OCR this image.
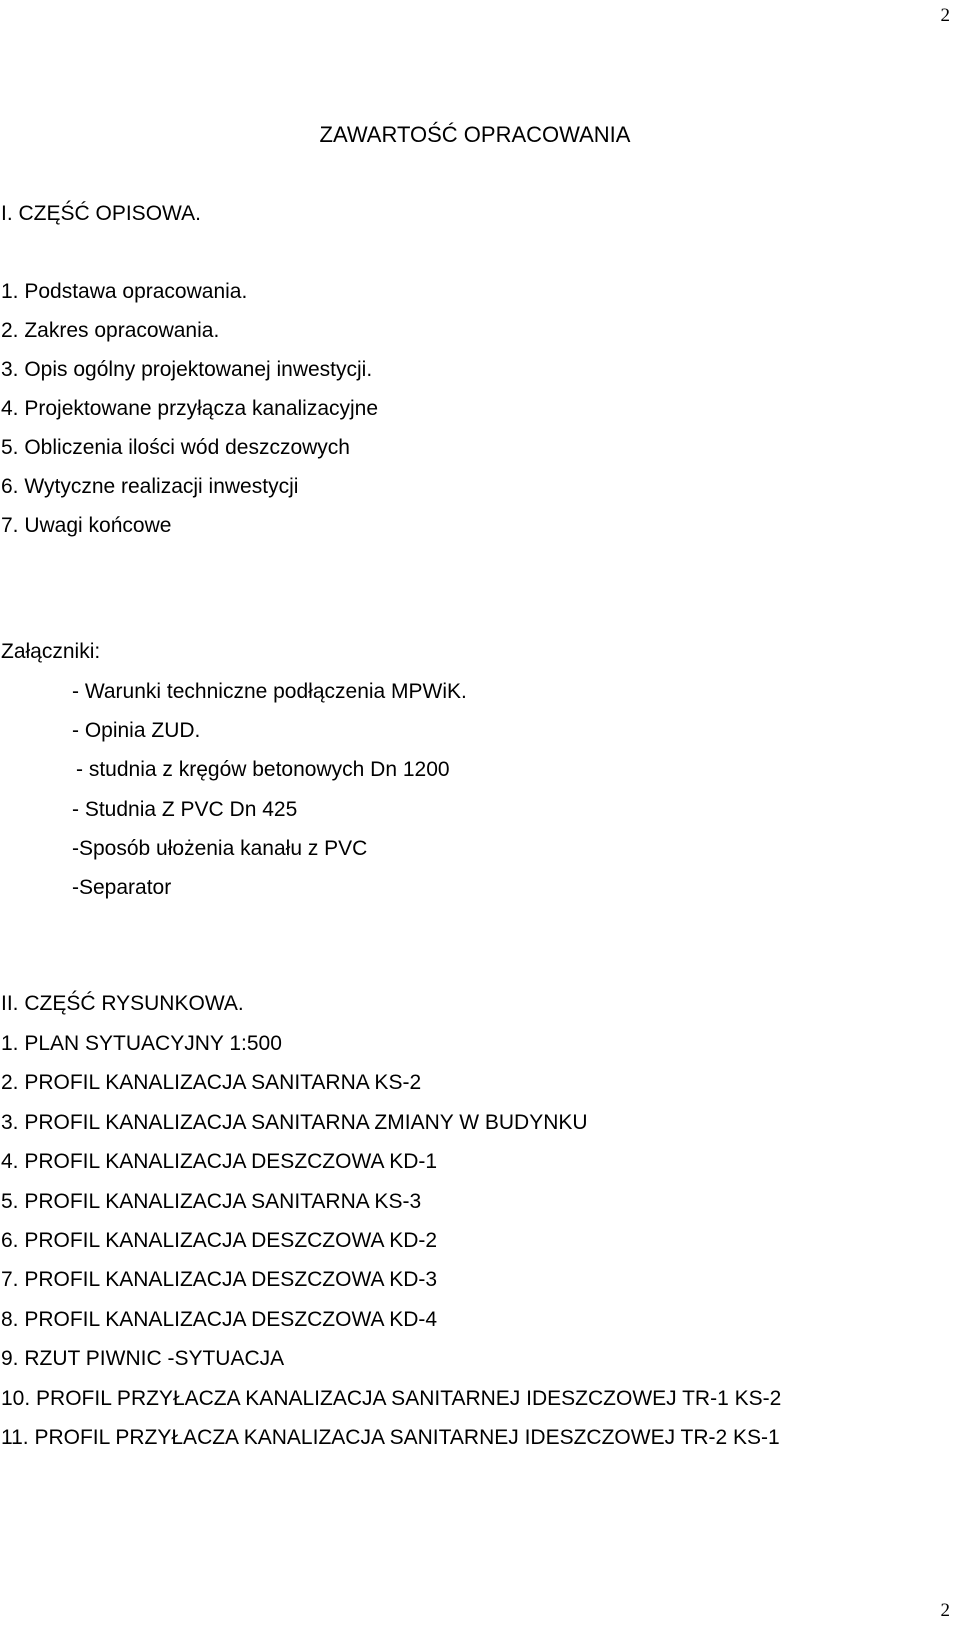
2
ZAWARTOŚĆ OPRACOWANIA
I. CZĘŚĆ OPISOWA.
1. Podstawa opracowania.
2. Zakres opracowania.
3. Opis ogólny projektowanej inwestycji.
4. Projektowane przyłącza kanalizacyjne
5. Obliczenia ilości wód deszczowych
6. Wytyczne realizacji inwestycji
7. Uwagi końcowe
Załączniki:
- Warunki techniczne podłączenia MPWiK.
- Opinia ZUD.
- studnia z kręgów betonowych Dn 1200
- Studnia Z PVC Dn 425
-Sposób ułożenia kanału z PVC
-Separator
II. CZĘŚĆ RYSUNKOWA.
1. PLAN SYTUACYJNY 1:500
2. PROFIL KANALIZACJA SANITARNA KS-2
3. PROFIL KANALIZACJA SANITARNA ZMIANY W BUDYNKU
4. PROFIL KANALIZACJA DESZCZOWA KD-1
5. PROFIL KANALIZACJA SANITARNA KS-3
6. PROFIL KANALIZACJA DESZCZOWA KD-2
7. PROFIL KANALIZACJA DESZCZOWA KD-3
8. PROFIL KANALIZACJA DESZCZOWA KD-4
9. RZUT PIWNIC -SYTUACJA
10. PROFIL PRZYŁACZA KANALIZACJA SANITARNEJ IDESZCZOWEJ TR-1 KS-2
11. PROFIL PRZYŁACZA KANALIZACJA SANITARNEJ IDESZCZOWEJ TR-2 KS-1
2
